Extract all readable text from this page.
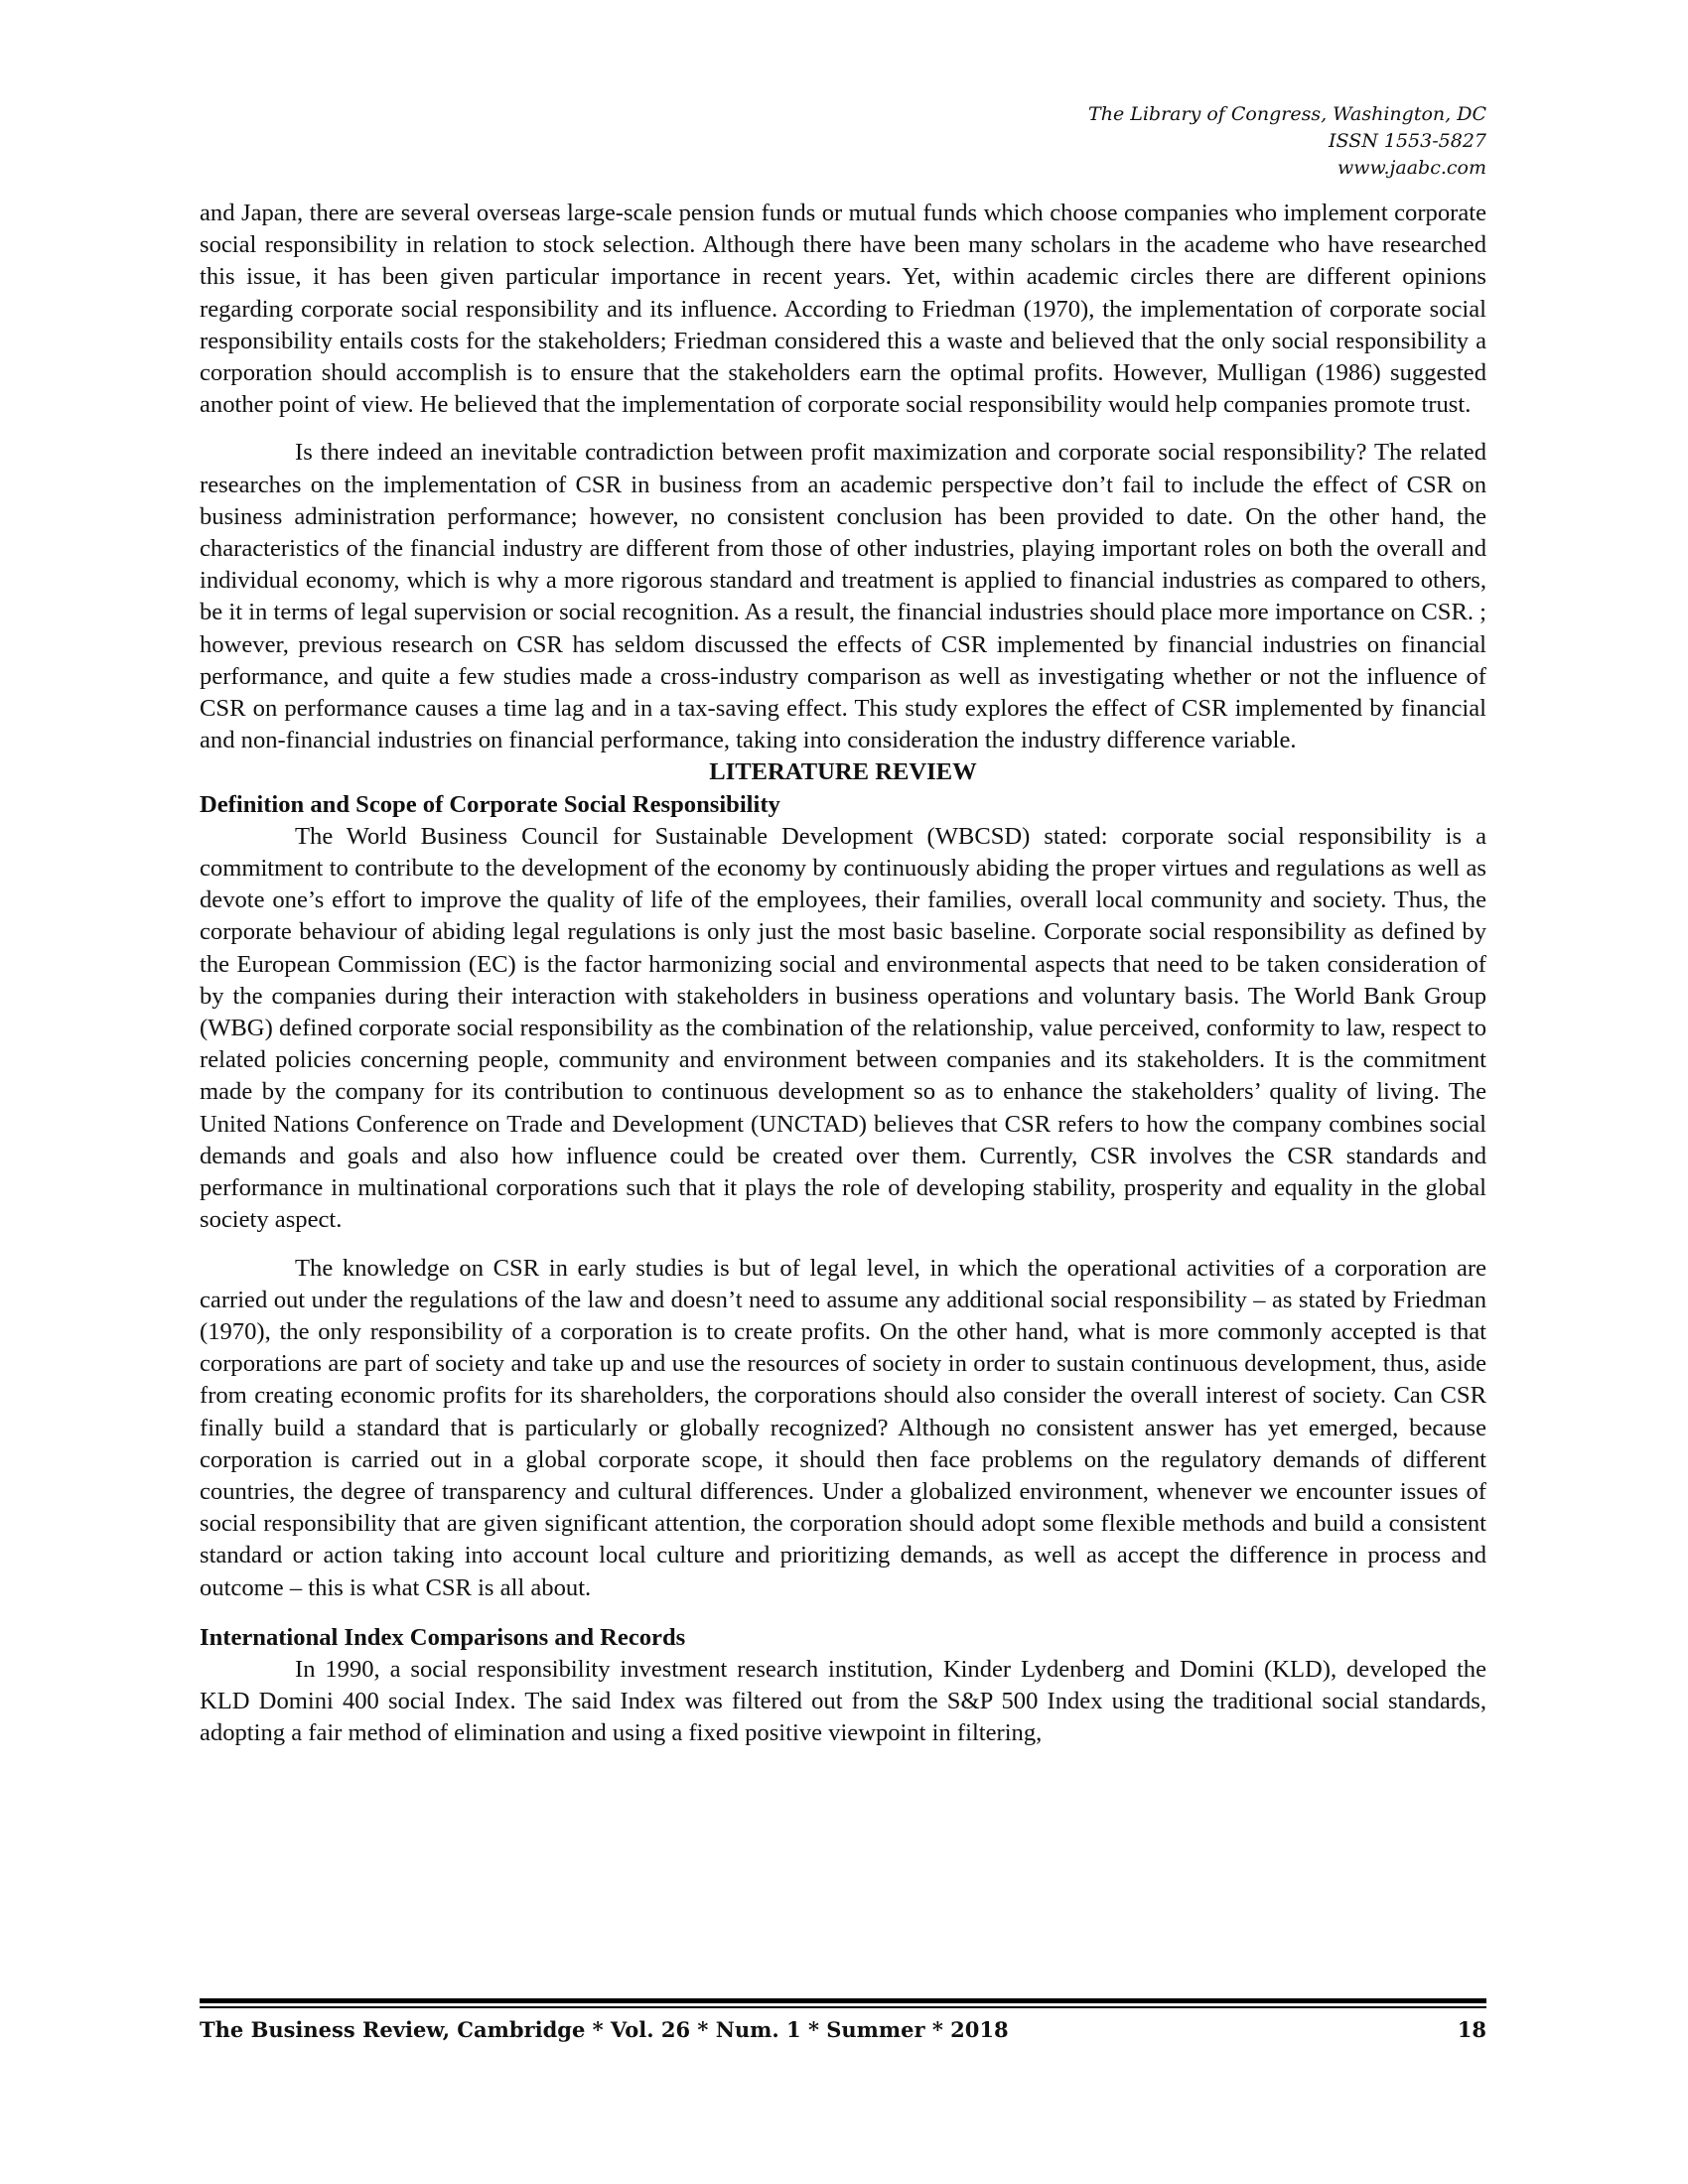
The Library of Congress, Washington, DC
ISSN 1553-5827
www.jaabc.com

and Japan, there are several overseas large-scale pension funds or mutual funds which choose companies who implement corporate social responsibility in relation to stock selection. Although there have been many scholars in the academe who have researched this issue, it has been given particular importance in recent years. Yet, within academic circles there are different opinions regarding corporate social responsibility and its influence. According to Friedman (1970), the implementation of corporate social responsibility entails costs for the stakeholders; Friedman considered this a waste and believed that the only social responsibility a corporation should accomplish is to ensure that the stakeholders earn the optimal profits. However, Mulligan (1986) suggested another point of view. He believed that the implementation of corporate social responsibility would help companies promote trust.

Is there indeed an inevitable contradiction between profit maximization and corporate social responsibility? The related researches on the implementation of CSR in business from an academic perspective don’t fail to include the effect of CSR on business administration performance; however, no consistent conclusion has been provided to date. On the other hand, the characteristics of the financial industry are different from those of other industries, playing important roles on both the overall and individual economy, which is why a more rigorous standard and treatment is applied to financial industries as compared to others, be it in terms of legal supervision or social recognition. As a result, the financial industries should place more importance on CSR. ; however, previous research on CSR has seldom discussed the effects of CSR implemented by financial industries on financial performance, and quite a few studies made a cross-industry comparison as well as investigating whether or not the influence of CSR on performance causes a time lag and in a tax-saving effect. This study explores the effect of CSR implemented by financial and non-financial industries on financial performance, taking into consideration the industry difference variable.

LITERATURE REVIEW

Definition and Scope of Corporate Social Responsibility

The World Business Council for Sustainable Development (WBCSD) stated: corporate social responsibility is a commitment to contribute to the development of the economy by continuously abiding the proper virtues and regulations as well as devote one’s effort to improve the quality of life of the employees, their families, overall local community and society. Thus, the corporate behaviour of abiding legal regulations is only just the most basic baseline. Corporate social responsibility as defined by the European Commission (EC) is the factor harmonizing social and environmental aspects that need to be taken consideration of by the companies during their interaction with stakeholders in business operations and voluntary basis. The World Bank Group (WBG) defined corporate social responsibility as the combination of the relationship, value perceived, conformity to law, respect to related policies concerning people, community and environment between companies and its stakeholders. It is the commitment made by the company for its contribution to continuous development so as to enhance the stakeholders’ quality of living. The United Nations Conference on Trade and Development (UNCTAD) believes that CSR refers to how the company combines social demands and goals and also how influence could be created over them. Currently, CSR involves the CSR standards and performance in multinational corporations such that it plays the role of developing stability, prosperity and equality in the global society aspect.

The knowledge on CSR in early studies is but of legal level, in which the operational activities of a corporation are carried out under the regulations of the law and doesn’t need to assume any additional social responsibility – as stated by Friedman (1970), the only responsibility of a corporation is to create profits. On the other hand, what is more commonly accepted is that corporations are part of society and take up and use the resources of society in order to sustain continuous development, thus, aside from creating economic profits for its shareholders, the corporations should also consider the overall interest of society. Can CSR finally build a standard that is particularly or globally recognized? Although no consistent answer has yet emerged, because corporation is carried out in a global corporate scope, it should then face problems on the regulatory demands of different countries, the degree of transparency and cultural differences. Under a globalized environment, whenever we encounter issues of social responsibility that are given significant attention, the corporation should adopt some flexible methods and build a consistent standard or action taking into account local culture and prioritizing demands, as well as accept the difference in process and outcome – this is what CSR is all about.

International Index Comparisons and Records

In 1990, a social responsibility investment research institution, Kinder Lydenberg and Domini (KLD), developed the KLD Domini 400 social Index. The said Index was filtered out from the S&P 500 Index using the traditional social standards, adopting a fair method of elimination and using a fixed positive viewpoint in filtering,

The Business Review, Cambridge * Vol. 26 * Num. 1 * Summer * 2018	18
